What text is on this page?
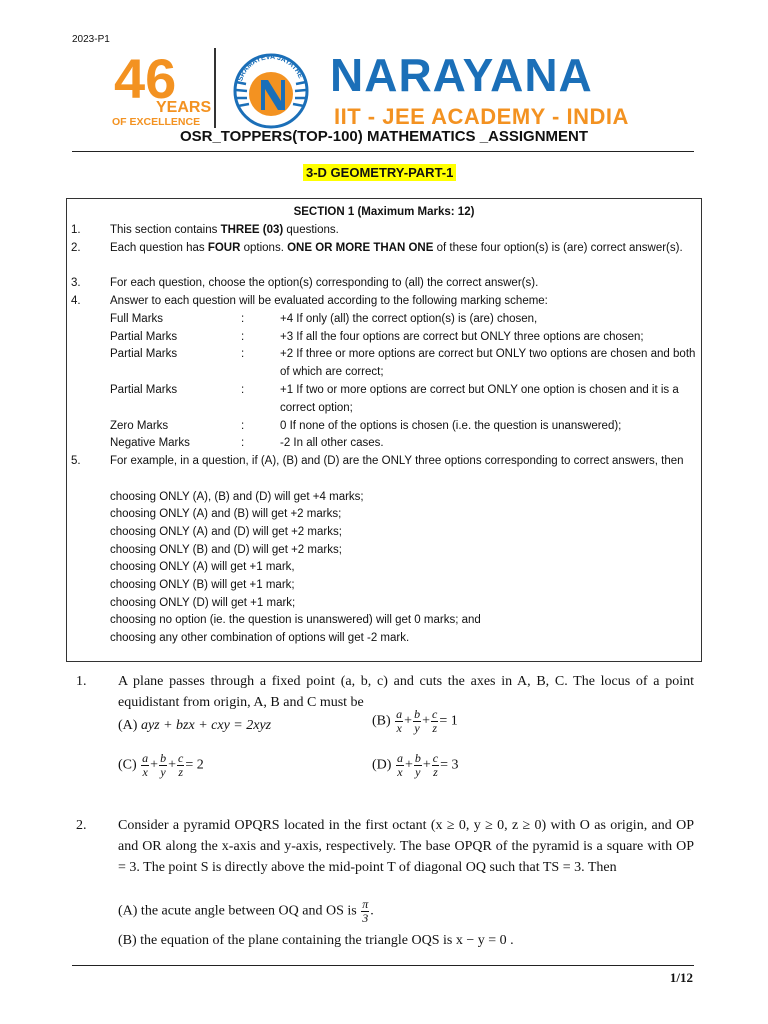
2023-P1
46
YEARS
OF EXCELLENCE
SRAMAYEVA JAYATHE NARAYANA
IIT - JEE ACADEMY - INDIA
OSR_TOPPERS(TOP-100) MATHEMATICS _ASSIGNMENT
3-D GEOMETRY-PART-1
SECTION 1 (Maximum Marks: 12)
1.	This section contains THREE (03) questions.
2.	Each question has FOUR options. ONE OR MORE THAN ONE of these four option(s) is (are) correct answer(s).
3.	For each question, choose the option(s) corresponding to (all) the correct answer(s).
4.	Answer to each question will be evaluated according to the following marking scheme:
Full Marks	:	+4 If only (all) the correct option(s) is (are) chosen,
Partial Marks	:	+3 If all the four options are correct but ONLY three options are chosen;
Partial Marks	:	+2 If three or more options are correct but ONLY two options are chosen and both of which are correct;
Partial Marks	:	+1 If two or more options are correct but ONLY one option is chosen and it is a correct option;
Zero Marks	:	0 If none of the options is chosen (i.e. the question is unanswered);
Negative Marks	:	-2 In all other cases.
5.	For example, in a question, if (A), (B) and (D) are the ONLY three options corresponding to correct answers, then
choosing ONLY (A), (B) and (D) will get +4 marks;
choosing ONLY (A) and (B) will get +2 marks;
choosing ONLY (A) and (D) will get +2 marks;
choosing ONLY (B) and (D) will get +2 marks;
choosing ONLY (A) will get +1 mark,
choosing ONLY (B) will get +1 mark;
choosing ONLY (D) will get +1 mark;
choosing no option (ie. the question is unanswered) will get 0 marks; and
choosing any other combination of options will get -2 mark.
1. A plane passes through a fixed point (a, b, c) and cuts the axes in A, B, C. The locus of a point equidistant from origin, A, B and C must be
(A) ayz + bzx + cxy = 2xyz	$(B) \frac{a}{x} + \frac{b}{y} + \frac{c}{z} = 1$
$(C) \frac{a}{x} + \frac{b}{y} + \frac{c}{z} = 2$	$(D) \frac{a}{x} + \frac{b}{y} + \frac{c}{z} = 3$
2. Consider a pyramid OPQRS located in the first octant (x ≥ 0, y ≥ 0, z ≥ 0) with O as origin, and OP and OR along the x-axis and y-axis, respectively. The base OPQR of the pyramid is a square with OP = 3. The point S is directly above the mid-point T of diagonal OQ such that TS = 3. Then
(A) the acute angle between OQ and OS is $\frac{\pi}{3}$ .
(B) the equation of the plane containing the triangle OQS is x − y = 0 .
1/12
